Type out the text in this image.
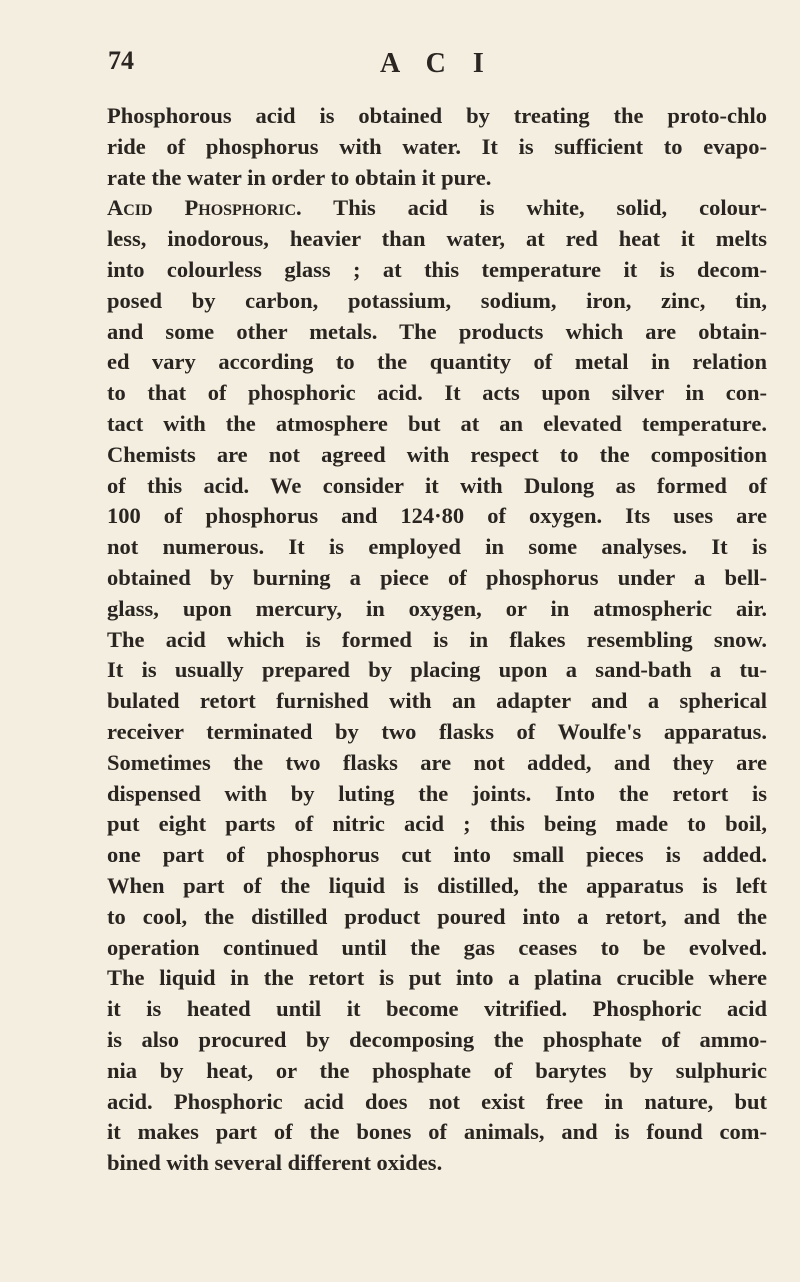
74	A C I
Phosphorous acid is obtained by treating the proto-chlo
ride of phosphorus with water. It is sufficient to evapo-
rate the water in order to obtain it pure.
Acid Phosphoric. This acid is white, solid, colour-
less, inodorous, heavier than water, at red heat it melts
into colourless glass ; at this temperature it is decom-
posed by carbon, potassium, sodium, iron, zinc, tin,
and some other metals. The products which are obtain-
ed vary according to the quantity of metal in relation
to that of phosphoric acid. It acts upon silver in con-
tact with the atmosphere but at an elevated temperature.
Chemists are not agreed with respect to the composition
of this acid. We consider it with Dulong as formed of
100 of phosphorus and 124·80 of oxygen. Its uses are
not numerous. It is employed in some analyses. It is
obtained by burning a piece of phosphorus under a bell-
glass, upon mercury, in oxygen, or in atmospheric air.
The acid which is formed is in flakes resembling snow.
It is usually prepared by placing upon a sand-bath a tu-
bulated retort furnished with an adapter and a spherical
receiver terminated by two flasks of Woulfe's apparatus.
Sometimes the two flasks are not added, and they are
dispensed with by luting the joints. Into the retort is
put eight parts of nitric acid ; this being made to boil,
one part of phosphorus cut into small pieces is added.
When part of the liquid is distilled, the apparatus is left
to cool, the distilled product poured into a retort, and the
operation continued until the gas ceases to be evolved.
The liquid in the retort is put into a platina crucible where
it is heated until it become vitrified. Phosphoric acid
is also procured by decomposing the phosphate of ammo-
nia by heat, or the phosphate of barytes by sulphuric
acid. Phosphoric acid does not exist free in nature, but
it makes part of the bones of animals, and is found com-
bined with several different oxides.
